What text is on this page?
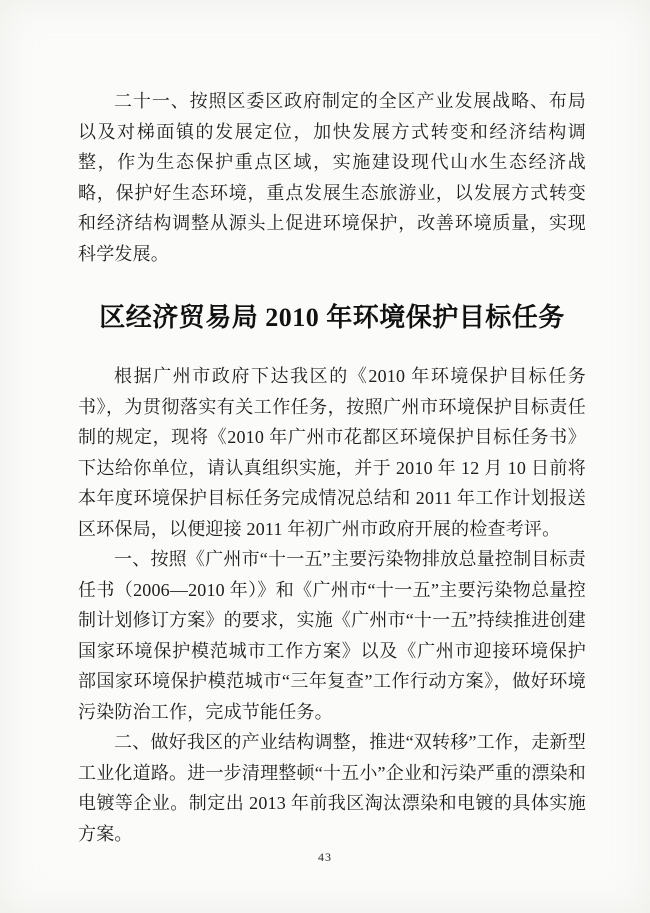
二十一、按照区委区政府制定的全区产业发展战略、布局以及对梯面镇的发展定位，加快发展方式转变和经济结构调整，作为生态保护重点区域，实施建设现代山水生态经济战略，保护好生态环境，重点发展生态旅游业，以发展方式转变和经济结构调整从源头上促进环境保护，改善环境质量，实现科学发展。

区经济贸易局 2010 年环境保护目标任务

根据广州市政府下达我区的《2010 年环境保护目标任务书》，为贯彻落实有关工作任务，按照广州市环境保护目标责任制的规定，现将《2010 年广州市花都区环境保护目标任务书》下达给你单位，请认真组织实施，并于 2010 年 12 月 10 日前将本年度环境保护目标任务完成情况总结和 2011 年工作计划报送区环保局，以便迎接 2011 年初广州市政府开展的检查考评。

一、按照《广州市“十一五”主要污染物排放总量控制目标责任书（2006—2010 年）》和《广州市“十一五”主要污染物总量控制计划修订方案》的要求，实施《广州市“十一五”持续推进创建国家环境保护模范城市工作方案》以及《广州市迎接环境保护部国家环境保护模范城市“三年复查”工作行动方案》，做好环境污染防治工作，完成节能任务。

二、做好我区的产业结构调整，推进“双转移”工作，走新型工业化道路。进一步清理整顿“十五小”企业和污染严重的漂染和电镀等企业。制定出 2013 年前我区淘汰漂染和电镀的具体实施方案。

43
